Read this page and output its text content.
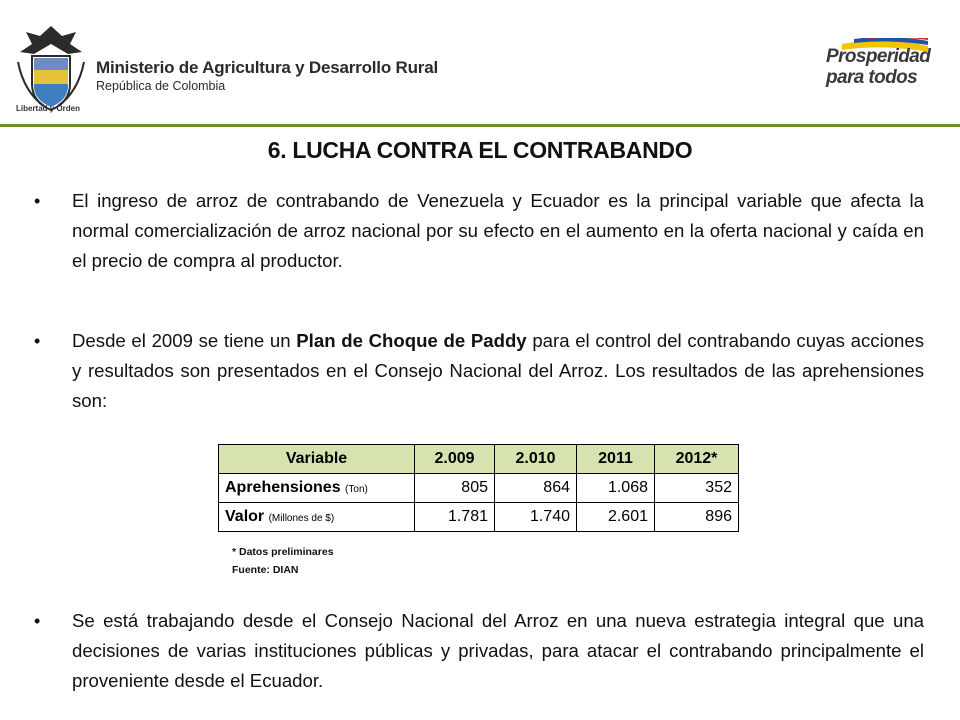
Libertad y Orden
Ministerio de Agricultura y Desarrollo Rural
República de Colombia
Prosperidad
para todos
6. LUCHA CONTRA EL CONTRABANDO
• El ingreso de arroz de contrabando de Venezuela y Ecuador es la principal variable que afecta la normal comercialización de arroz nacional por su efecto en el aumento en la oferta nacional y caída en el precio de compra al productor.
• Desde el 2009 se tiene un Plan de Choque de Paddy para el control del contrabando cuyas acciones y resultados son presentados en el Consejo Nacional del Arroz. Los resultados de las aprehensiones son:
Variable	2.009	2.010	2011	2012*
Aprehensiones (Ton)	805	864	1.068	352
Valor (Millones de $)	1.781	1.740	2.601	896
* Datos preliminares
Fuente: DIAN
• Se está trabajando desde el Consejo Nacional del Arroz en una nueva estrategia integral que una decisiones de varias instituciones públicas y privadas, para atacar el contrabando principalmente el proveniente desde el Ecuador.
